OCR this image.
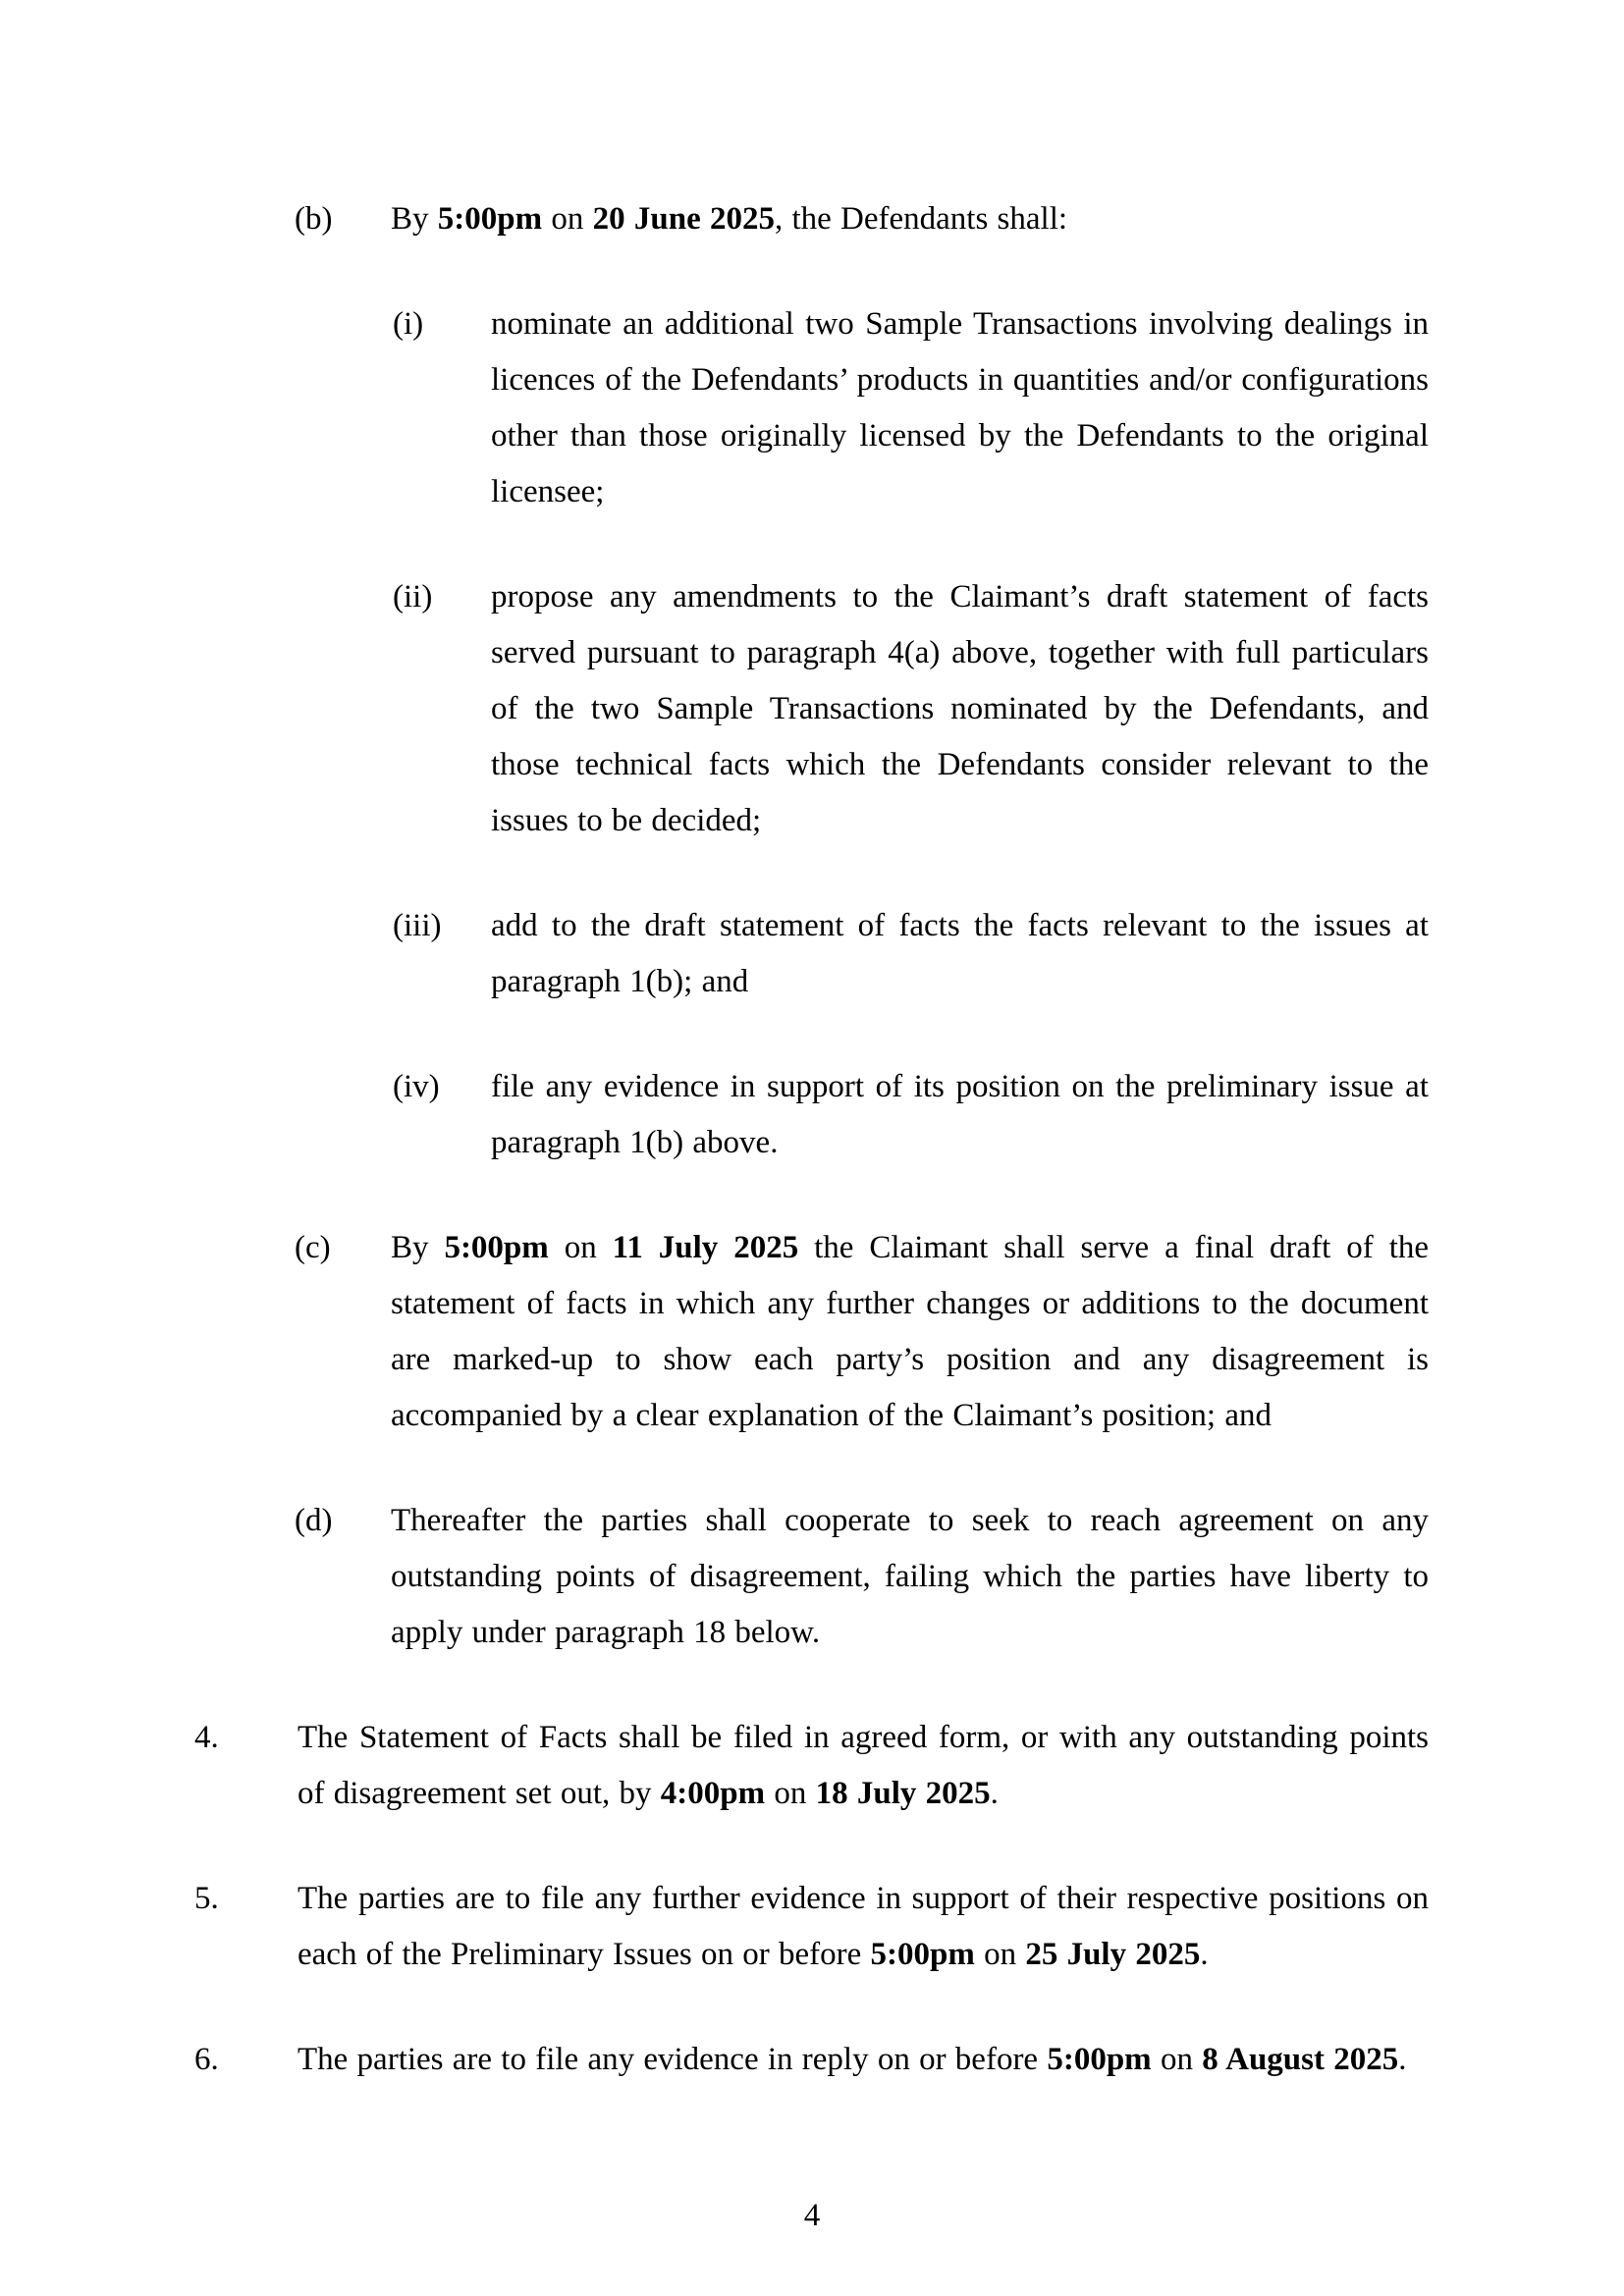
(b) By 5:00pm on 20 June 2025, the Defendants shall:
(i) nominate an additional two Sample Transactions involving dealings in licences of the Defendants’ products in quantities and/or configurations other than those originally licensed by the Defendants to the original licensee;
(ii) propose any amendments to the Claimant’s draft statement of facts served pursuant to paragraph 4(a) above, together with full particulars of the two Sample Transactions nominated by the Defendants, and those technical facts which the Defendants consider relevant to the issues to be decided;
(iii) add to the draft statement of facts the facts relevant to the issues at paragraph 1(b); and
(iv) file any evidence in support of its position on the preliminary issue at paragraph 1(b) above.
(c) By 5:00pm on 11 July 2025 the Claimant shall serve a final draft of the statement of facts in which any further changes or additions to the document are marked-up to show each party’s position and any disagreement is accompanied by a clear explanation of the Claimant’s position; and
(d) Thereafter the parties shall cooperate to seek to reach agreement on any outstanding points of disagreement, failing which the parties have liberty to apply under paragraph 18 below.
4. The Statement of Facts shall be filed in agreed form, or with any outstanding points of disagreement set out, by 4:00pm on 18 July 2025.
5. The parties are to file any further evidence in support of their respective positions on each of the Preliminary Issues on or before 5:00pm on 25 July 2025.
6. The parties are to file any evidence in reply on or before 5:00pm on 8 August 2025.
4
